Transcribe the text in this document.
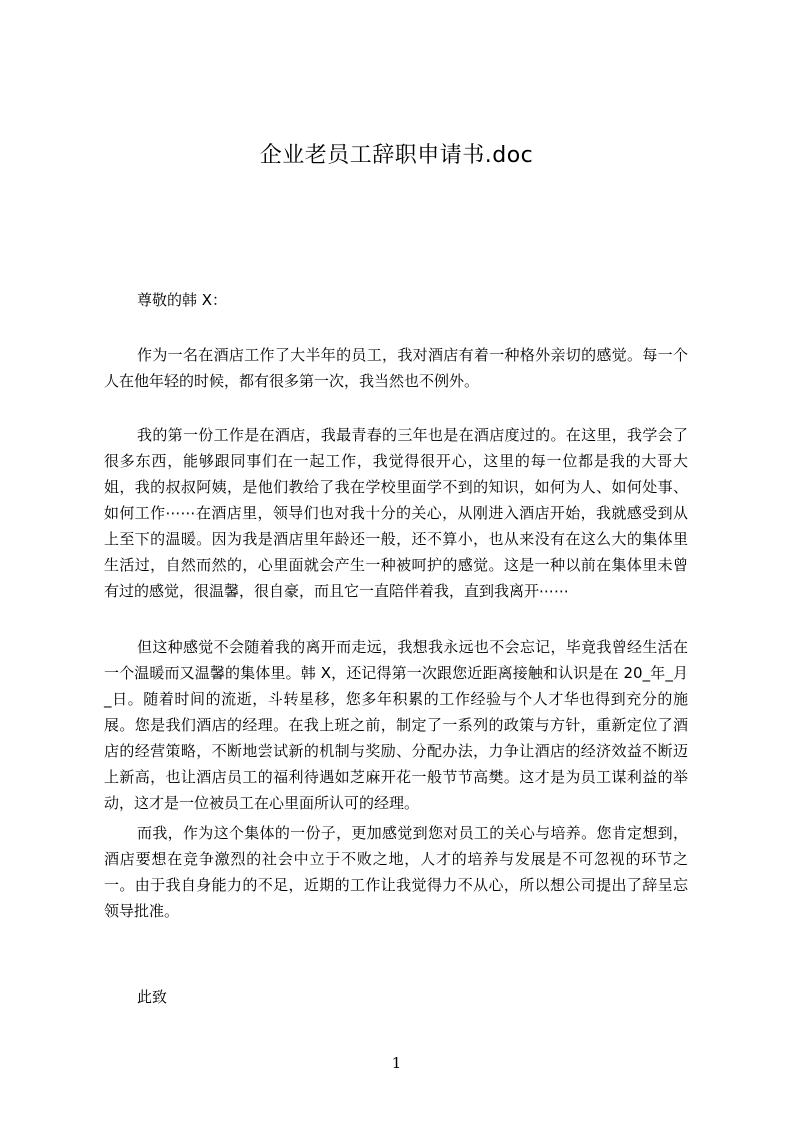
企业老员工辞职申请书.doc

尊敬的韩 X：

作为一名在酒店工作了大半年的员工，我对酒店有着一种格外亲切的感觉。每一个人在他年轻的时候，都有很多第一次，我当然也不例外。

我的第一份工作是在酒店，我最青春的三年也是在酒店度过的。在这里，我学会了很多东西，能够跟同事们在一起工作，我觉得很开心，这里的每一位都是我的大哥大姐，我的叔叔阿姨，是他们教给了我在学校里面学不到的知识，如何为人、如何处事、如何工作⋯⋯在酒店里，领导们也对我十分的关心，从刚进入酒店开始，我就感受到从上至下的温暖。因为我是酒店里年龄还一般，还不算小，也从来没有在这么大的集体里生活过，自然而然的，心里面就会产生一种被呵护的感觉。这是一种以前在集体里未曾有过的感觉，很温馨，很自豪，而且它一直陪伴着我，直到我离开⋯⋯

但这种感觉不会随着我的离开而走远，我想我永远也不会忘记，毕竟我曾经生活在一个温暖而又温馨的集体里。韩 X，还记得第一次跟您近距离接触和认识是在 20_年_月_日。随着时间的流逝，斗转星移，您多年积累的工作经验与个人才华也得到充分的施展。您是我们酒店的经理。在我上班之前，制定了一系列的政策与方针，重新定位了酒店的经营策略，不断地尝试新的机制与奖励、分配办法，力争让酒店的经济效益不断迈上新高，也让酒店员工的福利待遇如芝麻开花一般节节高樊。这才是为员工谋利益的举动，这才是一位被员工在心里面所认可的经理。

而我，作为这个集体的一份子，更加感觉到您对员工的关心与培养。您肯定想到，酒店要想在竞争激烈的社会中立于不败之地，人才的培养与发展是不可忽视的环节之一。由于我自身能力的不足，近期的工作让我觉得力不从心，所以想公司提出了辞呈忘领导批准。

此致

1
